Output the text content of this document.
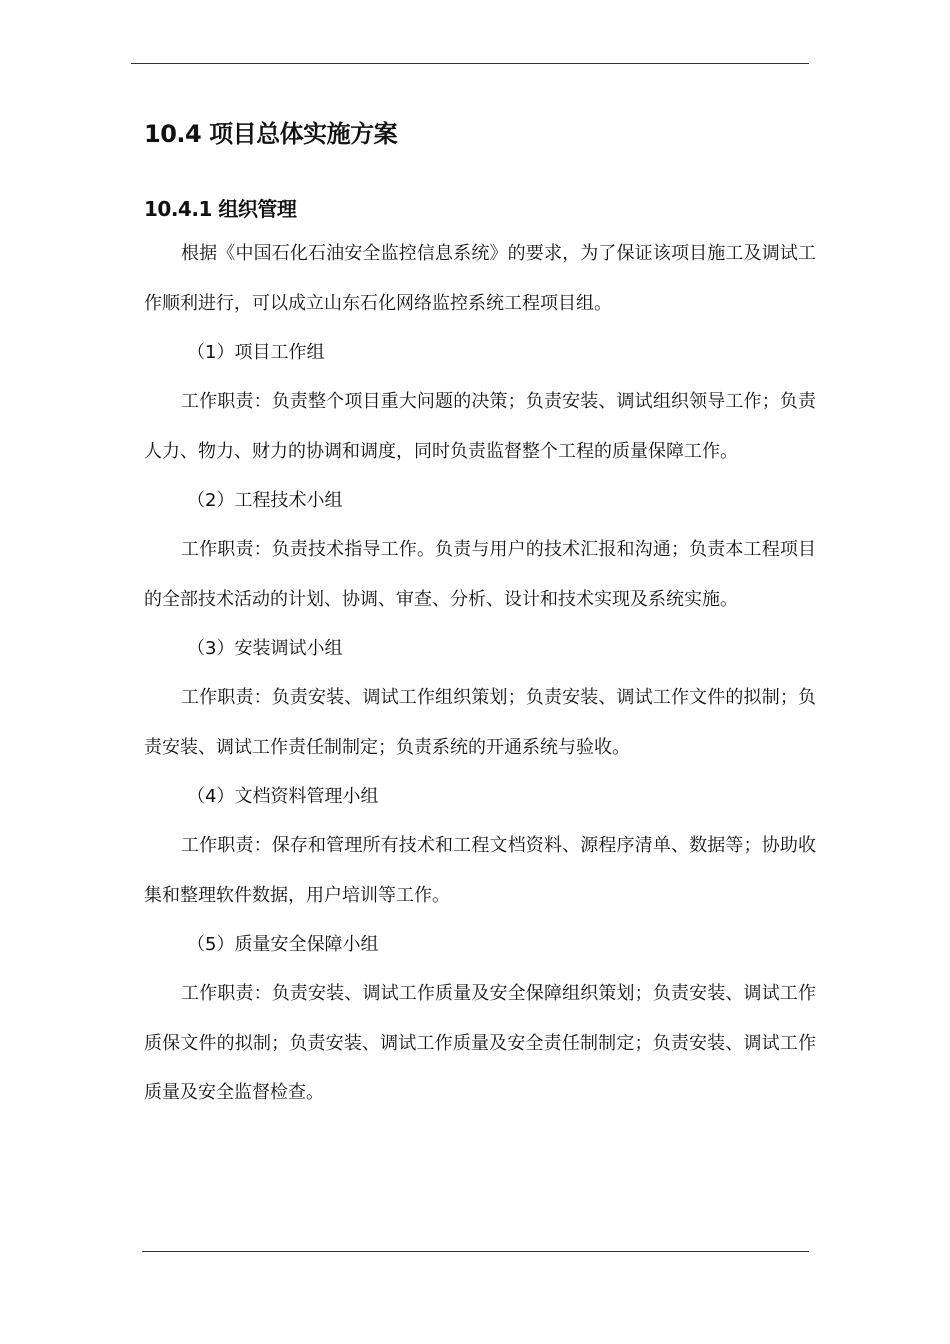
10.4 项目总体实施方案
10.4.1 组织管理

根据《中国石化石油安全监控信息系统》的要求，为了保证该项目施工及调试工作顺利进行，可以成立山东石化网络监控系统工程项目组。

（1）项目工作组

工作职责：负责整个项目重大问题的决策；负责安装、调试组织领导工作；负责人力、物力、财力的协调和调度，同时负责监督整个工程的质量保障工作。

（2）工程技术小组

工作职责：负责技术指导工作。负责与用户的技术汇报和沟通；负责本工程项目的全部技术活动的计划、协调、审查、分析、设计和技术实现及系统实施。

（3）安装调试小组

工作职责：负责安装、调试工作组织策划；负责安装、调试工作文件的拟制；负责安装、调试工作责任制制定；负责系统的开通系统与验收。

（4）文档资料管理小组

工作职责：保存和管理所有技术和工程文档资料、源程序清单、数据等；协助收集和整理软件数据，用户培训等工作。

（5）质量安全保障小组

工作职责：负责安装、调试工作质量及安全保障组织策划；负责安装、调试工作质保文件的拟制；负责安装、调试工作质量及安全责任制制定；负责安装、调试工作质量及安全监督检查。
